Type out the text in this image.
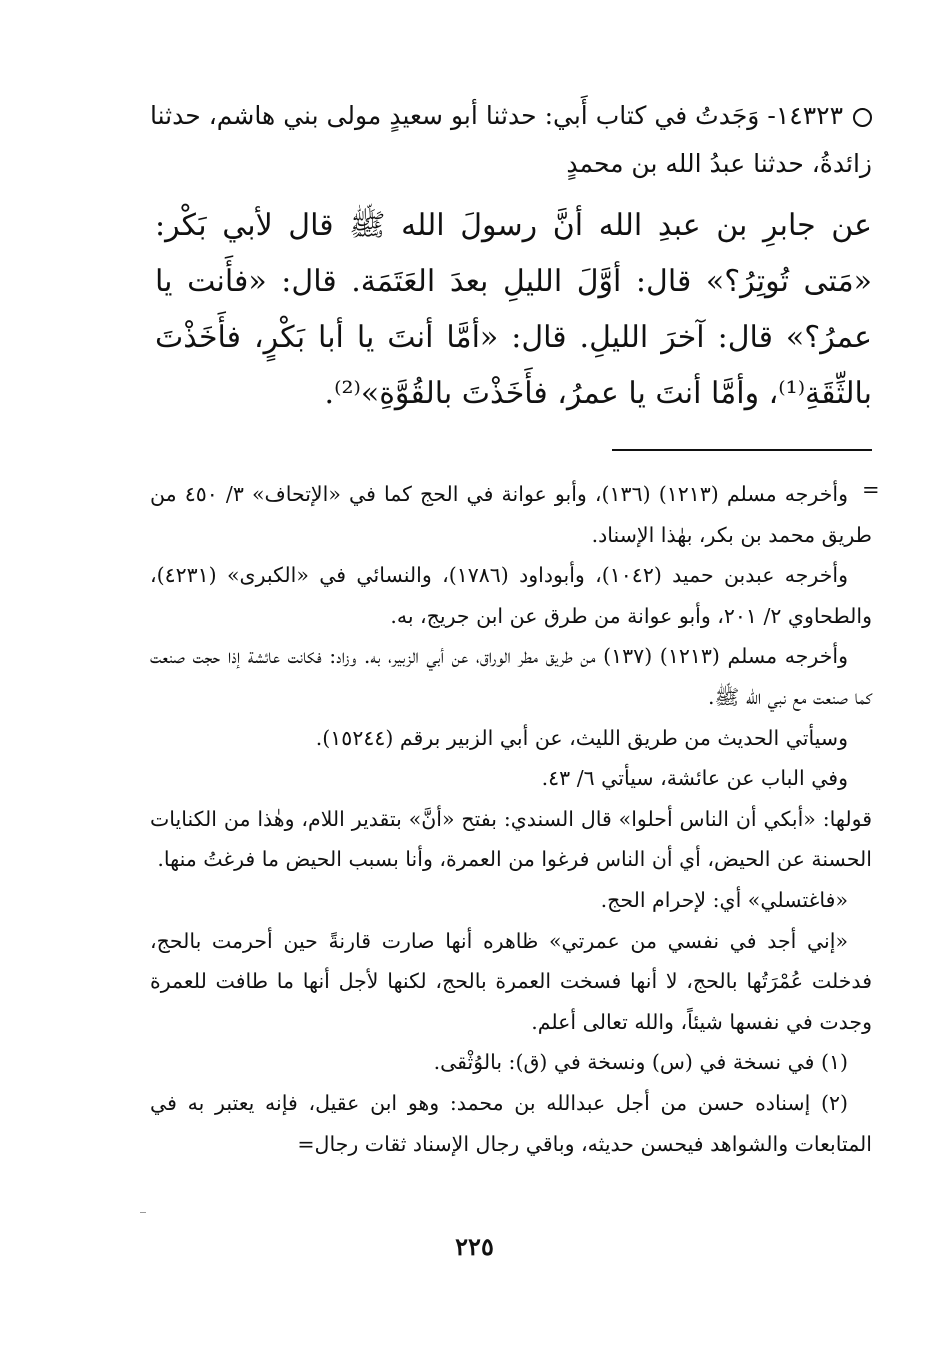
١٤٣٢٣- وَجَدتُ في كتاب أَبي: حدثنا أبو سعيدٍ مولى بني هاشم، حدثنا زائدةُ، حدثنا عبدُ الله بن محمدٍ
عن جابرِ بن عبدِ الله أنَّ رسولَ الله ﷺ قال لأبي بَكْر: «مَتى تُوتِرُ؟» قال: أوَّلَ الليلِ بعدَ العَتَمَة. قال: «فأَنت يا عمرُ؟» قال: آخرَ الليلِ. قال: «أمَّا أنتَ يا أبا بَكْرٍ، فأَخَذْتَ بالثِّقَةِ⁽¹⁾، وأمَّا أنتَ يا عمرُ، فأَخَذْتَ بالقُوَّةِ»⁽²⁾.
=

وأخرجه مسلم (١٢١٣) (١٣٦)، وأبو عوانة في الحج كما في «الإتحاف» ٣/ ٤٥٠ من طريق محمد بن بكر، بهٰذا الإسناد.

وأخرجه عبدبن حميد (١٠٤٢)، وأبوداود (١٧٨٦)، والنسائي في «الكبرى» (٤٢٣١)، والطحاوي ٢/ ٢٠١، وأبو عوانة من طرق عن ابن جريج، به.

وأخرجه مسلم (١٢١٣) (١٣٧) من طريق مطر الوراق، عن أبي الزبير، به. وزاد: فكانت عائشة إذا حجت صنعت كما صنعت مع نبي الله ﷺ.

وسيأتي الحديث من طريق الليث، عن أبي الزبير برقم (١٥٢٤٤).

وفي الباب عن عائشة، سيأتي ٦/ ٤٣.

قولها: «أبكي أن الناس أحلوا» قال السندي: بفتح «أنَّ» بتقدير اللام، وهٰذا من الكنايات الحسنة عن الحيض، أي أن الناس فرغوا من العمرة، وأنا بسبب الحيض ما فرغتُ منها.

«فاغتسلي» أي: لإحرام الحج.

«إني أجد في نفسي من عمرتي» ظاهره أنها صارت قارنةً حين أحرمت بالحج، فدخلت عُمْرَتُها بالحج، لا أنها فسخت العمرة بالحج، لكنها لأجل أنها ما طافت للعمرة وجدت في نفسها شيئاً، والله تعالى أعلم.

(١) في نسخة في (س) ونسخة في (ق): بالوُثْقى.

(٢) إسناده حسن من أجل عبدالله بن محمد: وهو ابن عقيل، فإنه يعتبر به في المتابعات والشواهد فيحسن حديثه، وباقي رجال الإسناد ثقات رجال=

٢٢٥
